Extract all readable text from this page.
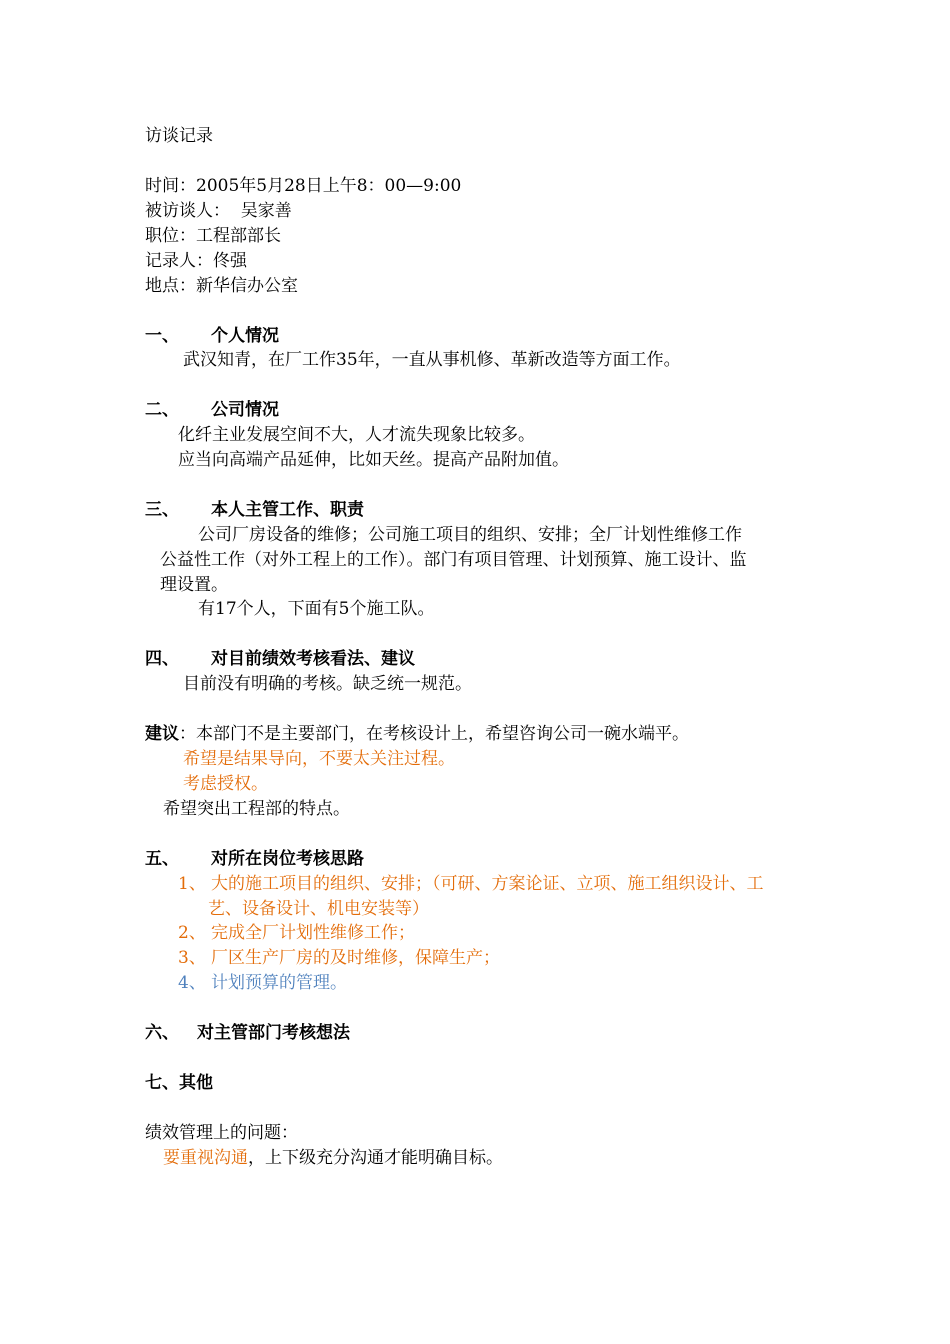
访谈记录

时间：2005年5月28日上午8：00—9:00

被访谈人：  吴家善

职位：工程部部长

记录人：佟强

地点：新华信办公室

一、 个人情况

武汉知青，在厂工作35年，一直从事机修、革新改造等方面工作。

二、 公司情况

化纤主业发展空间不大，人才流失现象比较多。

应当向高端产品延伸，比如天丝。提高产品附加值。

三、 本人主管工作、职责

公司厂房设备的维修；公司施工项目的组织、安排；全厂计划性维修工作

公益性工作（对外工程上的工作）。部门有项目管理、计划预算、施工设计、监

理设置。

有17个人，下面有5个施工队。

四、 对目前绩效考核看法、建议

目前没有明确的考核。缺乏统一规范。

建议：本部门不是主要部门，在考核设计上，希望咨询公司一碗水端平。

希望是结果导向，不要太关注过程。

考虑授权。

希望突出工程部的特点。

五、 对所在岗位考核思路

1、 大的施工项目的组织、安排；（可研、方案论证、立项、施工组织设计、工

艺、设备设计、机电安装等）

2、 完成全厂计划性维修工作；

3、 厂区生产厂房的及时维修，保障生产；

4、 计划预算的管理。

六、 对主管部门考核想法

七、其他

绩效管理上的问题：

要重视沟通，上下级充分沟通才能明确目标。
